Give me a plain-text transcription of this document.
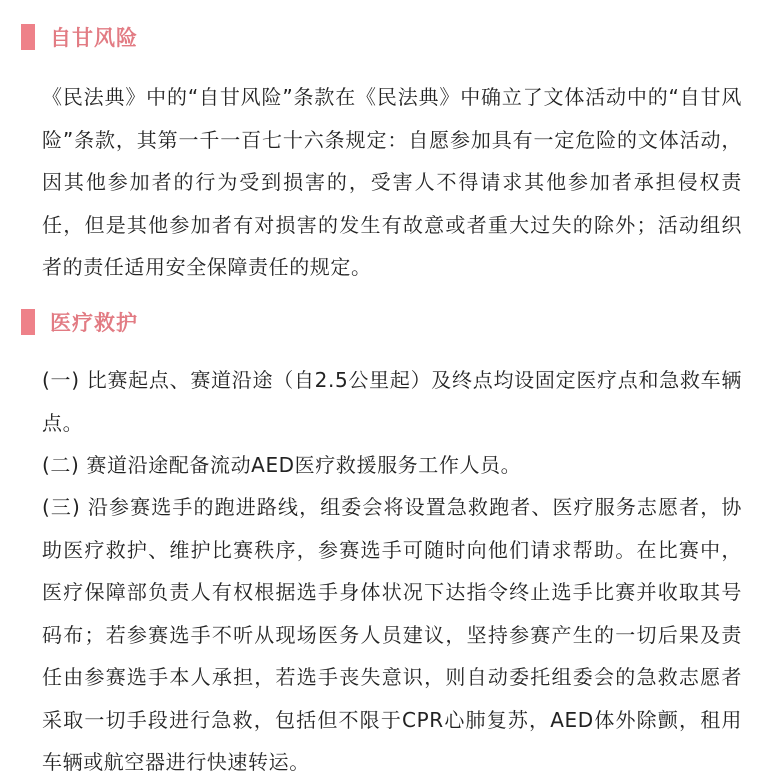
自甘风险
《民法典》中的“自甘风险”条款在《民法典》中确立了文体活动中的“自甘风险”条款，其第一千一百七十六条规定：自愿参加具有一定危险的文体活动，因其他参加者的行为受到损害的，受害人不得请求其他参加者承担侵权责任，但是其他参加者有对损害的发生有故意或者重大过失的除外；活动组织者的责任适用安全保障责任的规定。
医疗救护
(一) 比赛起点、赛道沿途（自2.5公里起）及终点均设固定医疗点和急救车辆点。
(二) 赛道沿途配备流动AED医疗救援服务工作人员。
(三) 沿参赛选手的跑进路线，组委会将设置急救跑者、医疗服务志愿者，协助医疗救护、维护比赛秩序，参赛选手可随时向他们请求帮助。在比赛中，医疗保障部负责人有权根据选手身体状况下达指令终止选手比赛并收取其号码布；若参赛选手不听从现场医务人员建议，坚持参赛产生的一切后果及责任由参赛选手本人承担，若选手丧失意识，则自动委托组委会的急救志愿者采取一切手段进行急救，包括但不限于CPR心肺复苏，AED体外除颤，租用车辆或航空器进行快速转运。
